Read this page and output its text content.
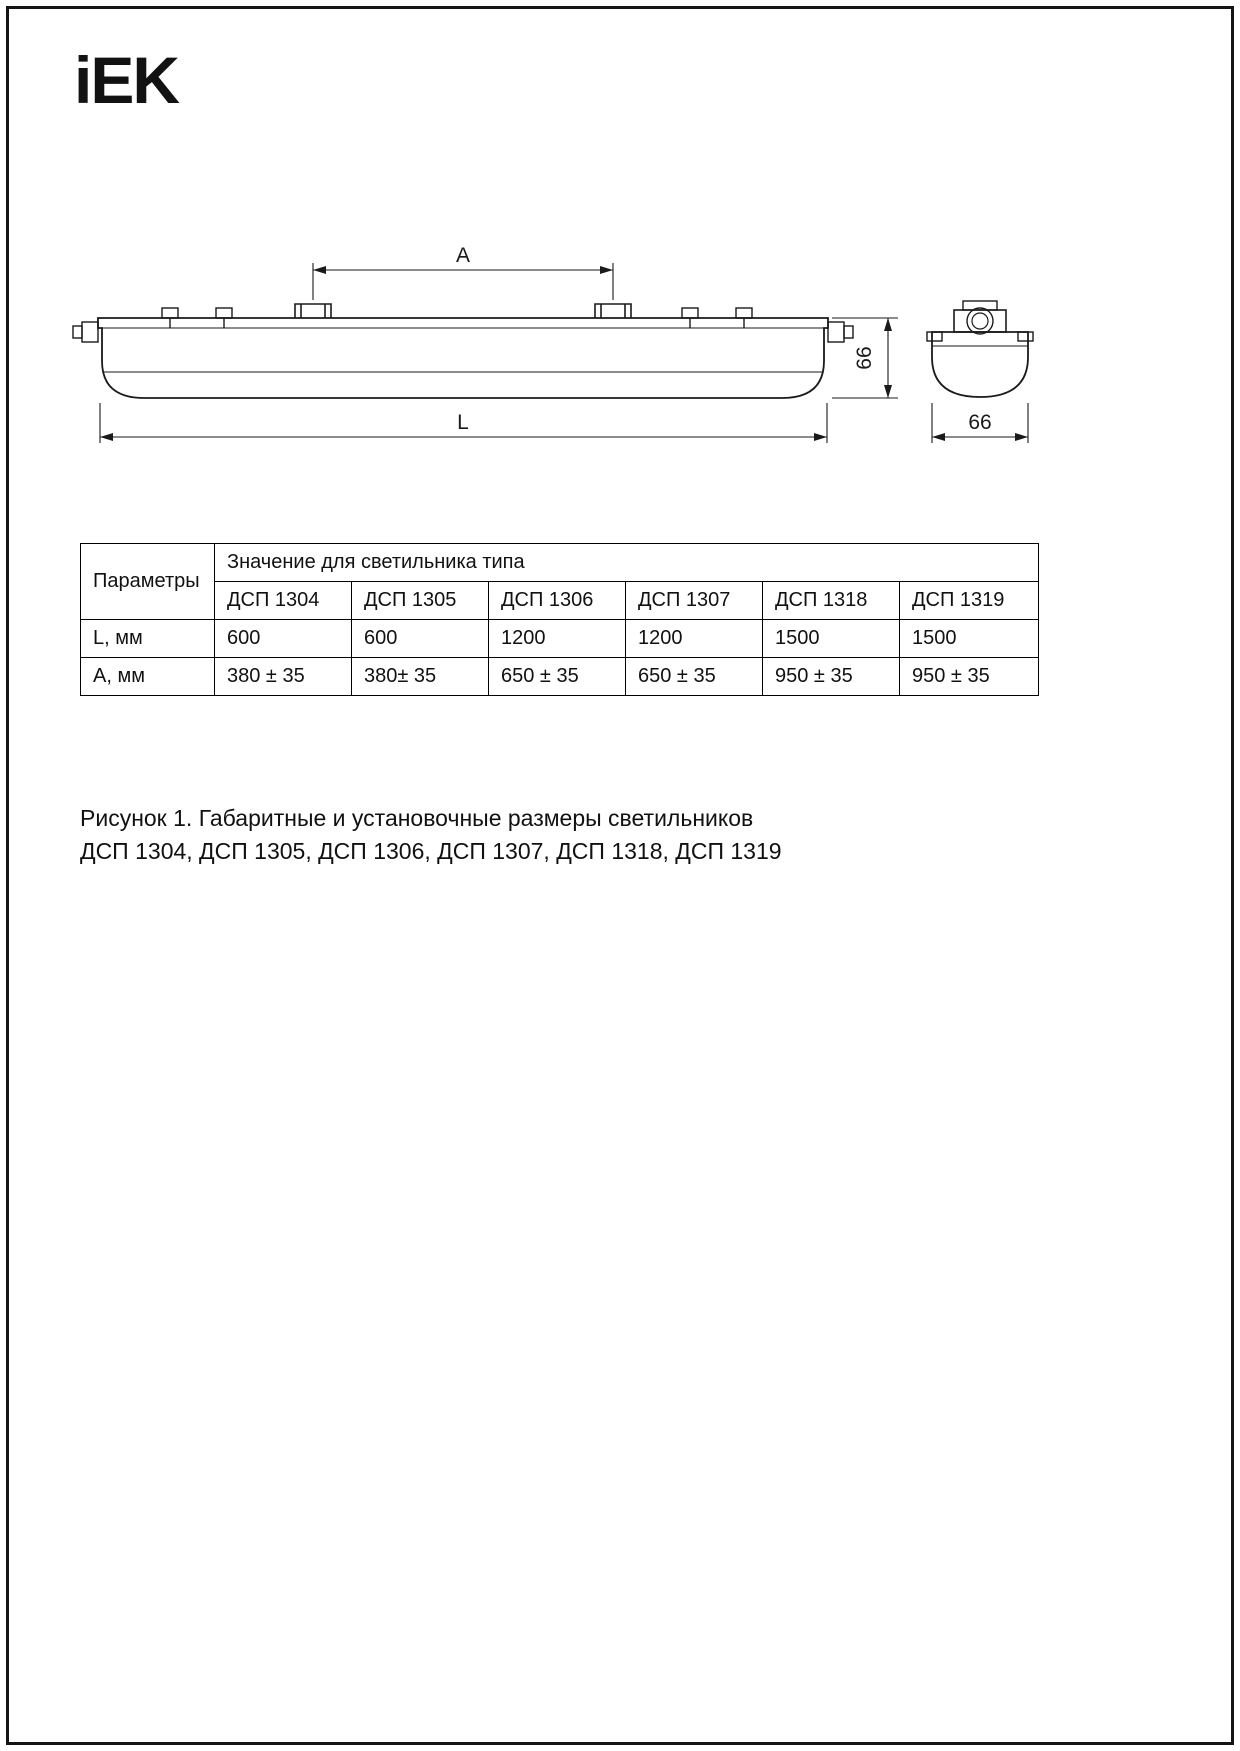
iEK
A
L
66
66
Параметры	Значение для светильника типа					
	ДСП 1304	ДСП 1305	ДСП 1306	ДСП 1307	ДСП 1318	ДСП 1319
L, мм	600	600	1200	1200	1500	1500
А, мм	380 ± 35	380± 35	650 ± 35	650 ± 35	950 ± 35	950 ± 35
Рисунок 1. Габаритные и установочные размеры светильников
ДСП 1304, ДСП 1305, ДСП 1306, ДСП 1307, ДСП 1318, ДСП 1319
